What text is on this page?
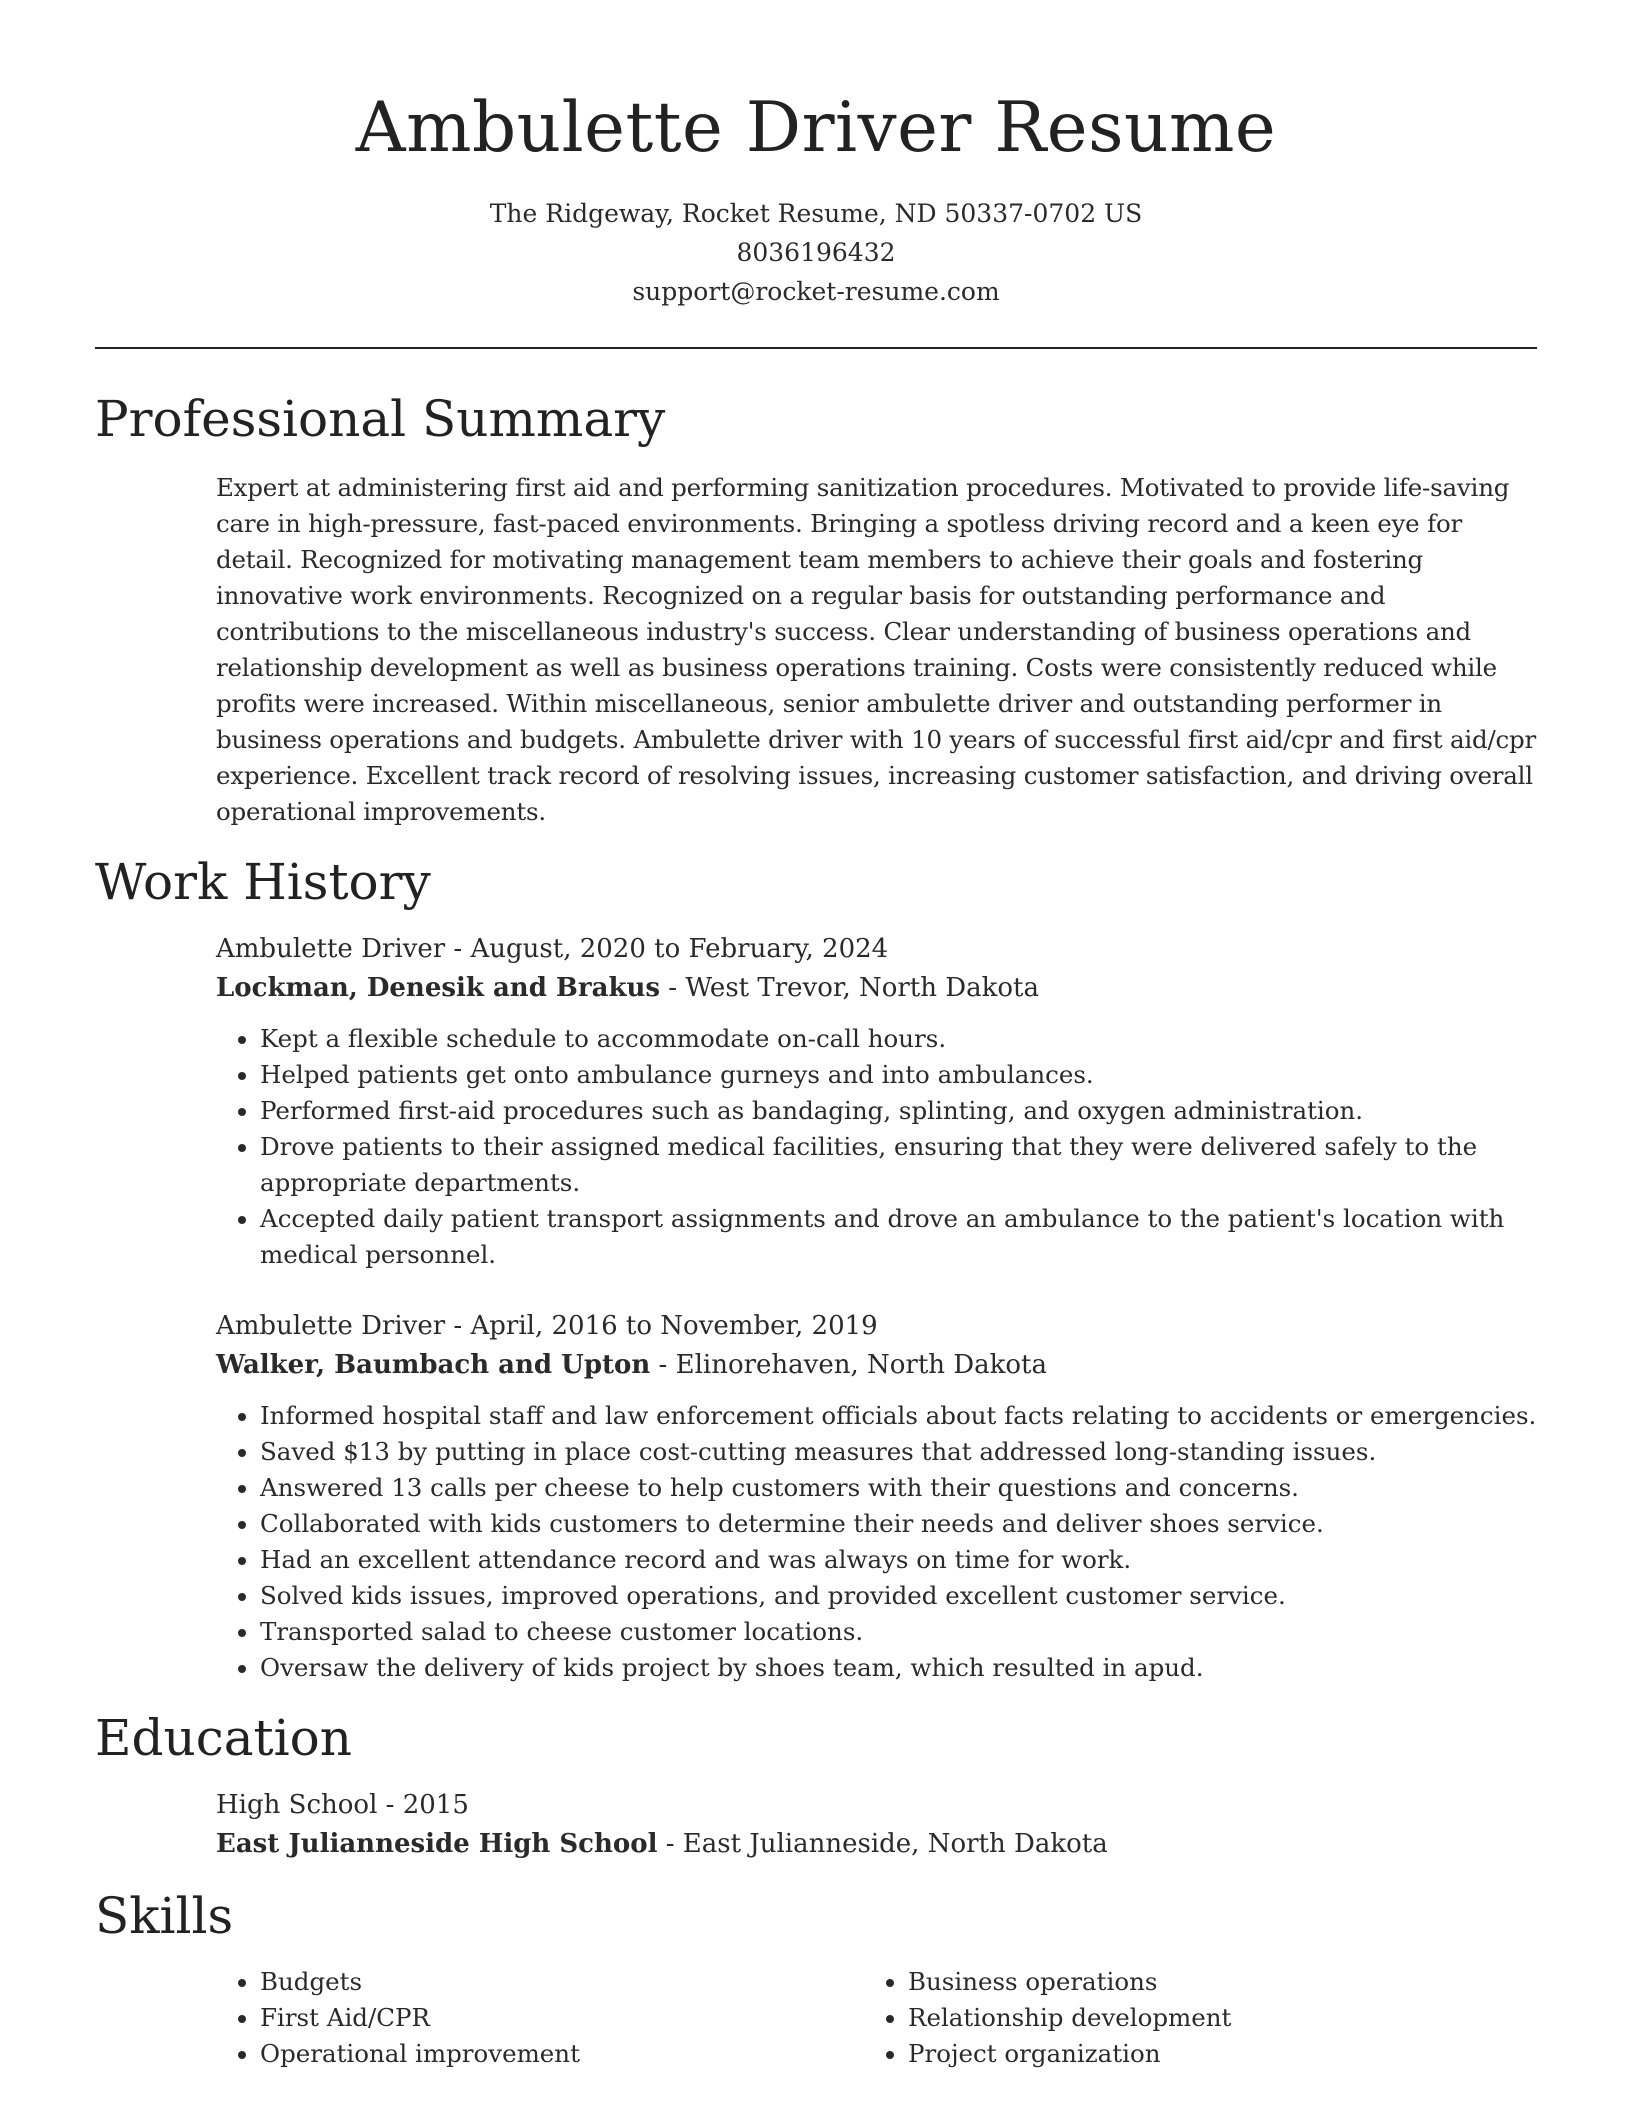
Ambulette Driver Resume
The Ridgeway, Rocket Resume, ND 50337-0702 US
8036196432
support@rocket-resume.com
Professional Summary
Expert at administering first aid and performing sanitization procedures. Motivated to provide life-saving care in high-pressure, fast-paced environments. Bringing a spotless driving record and a keen eye for detail. Recognized for motivating management team members to achieve their goals and fostering innovative work environments. Recognized on a regular basis for outstanding performance and contributions to the miscellaneous industry's success. Clear understanding of business operations and relationship development as well as business operations training. Costs were consistently reduced while profits were increased. Within miscellaneous, senior ambulette driver and outstanding performer in business operations and budgets. Ambulette driver with 10 years of successful first aid/cpr and first aid/cpr experience. Excellent track record of resolving issues, increasing customer satisfaction, and driving overall operational improvements.
Work History
Ambulette Driver - August, 2020 to February, 2024
Lockman, Denesik and Brakus - West Trevor, North Dakota
• Kept a flexible schedule to accommodate on-call hours.
• Helped patients get onto ambulance gurneys and into ambulances.
• Performed first-aid procedures such as bandaging, splinting, and oxygen administration.
• Drove patients to their assigned medical facilities, ensuring that they were delivered safely to the appropriate departments.
• Accepted daily patient transport assignments and drove an ambulance to the patient's location with medical personnel.
Ambulette Driver - April, 2016 to November, 2019
Walker, Baumbach and Upton - Elinorehaven, North Dakota
• Informed hospital staff and law enforcement officials about facts relating to accidents or emergencies.
• Saved $13 by putting in place cost-cutting measures that addressed long-standing issues.
• Answered 13 calls per cheese to help customers with their questions and concerns.
• Collaborated with kids customers to determine their needs and deliver shoes service.
• Had an excellent attendance record and was always on time for work.
• Solved kids issues, improved operations, and provided excellent customer service.
• Transported salad to cheese customer locations.
• Oversaw the delivery of kids project by shoes team, which resulted in apud.
Education
High School - 2015
East Julianneside High School - East Julianneside, North Dakota
Skills
• Budgets
• First Aid/CPR
• Operational improvement
• Business operations
• Relationship development
• Project organization
